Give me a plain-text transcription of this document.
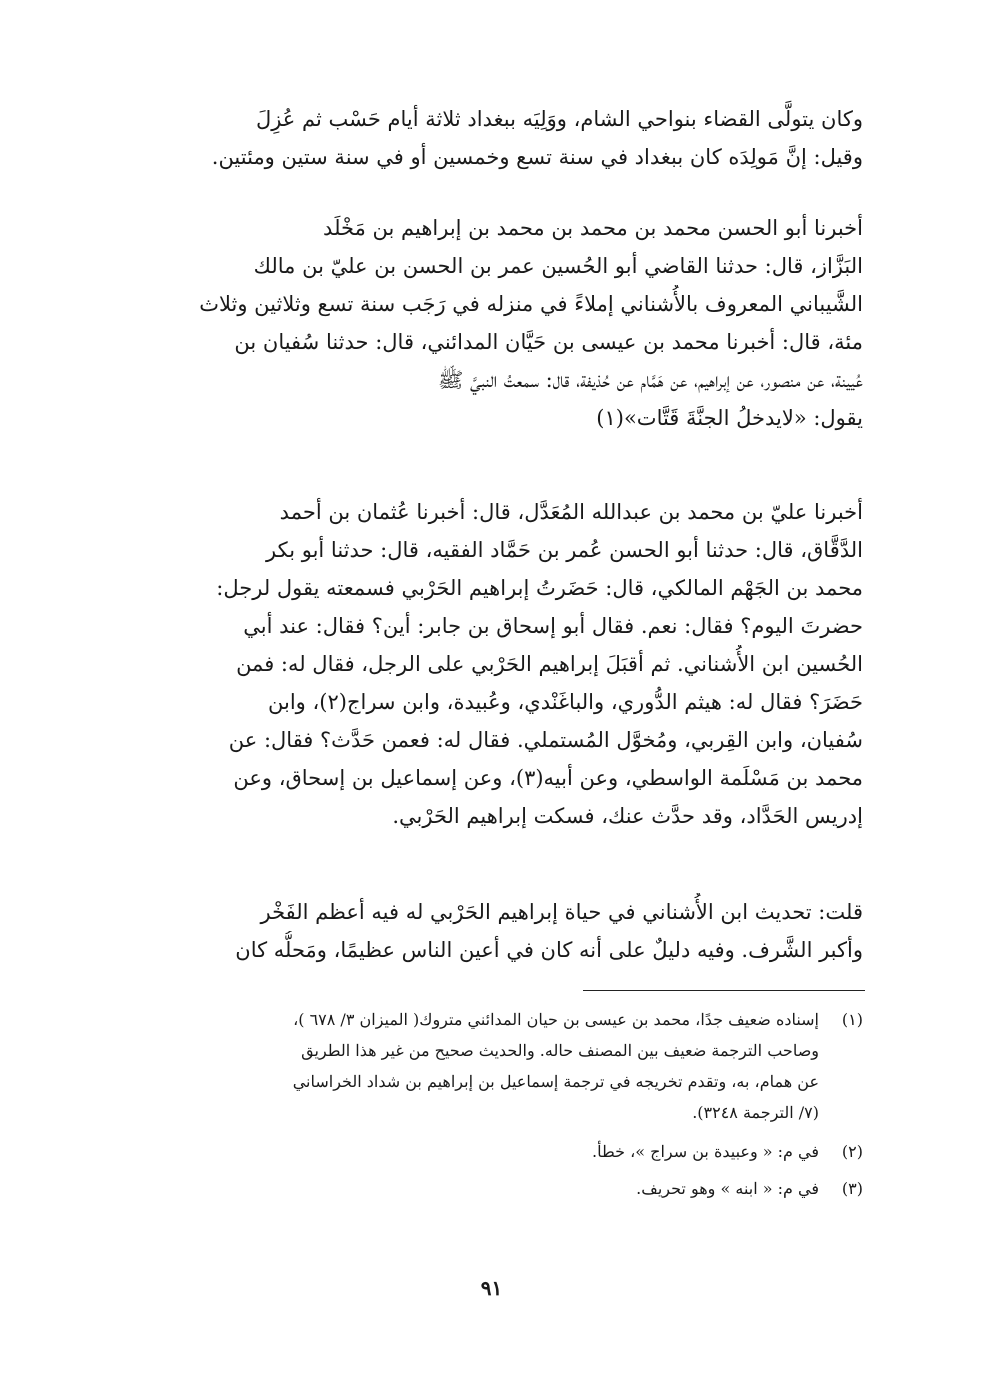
وكان يتولَّى القضاء بنواحي الشام، ووَلِيَه ببغداد ثلاثة أيام حَسْب ثم عُزِلَ
وقيل: إنَّ مَولِدَه كان ببغداد في سنة تسع وخمسين أو في سنة ستين ومئتين.
أخبرنا أبو الحسن محمد بن محمد بن محمد بن إبراهيم بن مَخْلَد
البَزَّاز، قال: حدثنا القاضي أبو الحُسين عمر بن الحسن بن عليّ بن مالك
الشَّيباني المعروف بالأُشناني إملاءً في منزله في رَجَب سنة تسع وثلاثين وثلاث
مئة، قال: أخبرنا محمد بن عيسى بن حَيَّان المدائني، قال: حدثنا سُفيان بن
عُيينة، عن منصور، عن إبراهيم، عن هَمَّام عن حُذيفة، قال: سمعتُ النبيَّ ﷺ
يقول: «لايدخلُ الجنَّةَ قَتَّات»(١)
أخبرنا عليّ بن محمد بن عبدالله المُعَدَّل، قال: أخبرنا عُثمان بن أحمد
الدَّقَّاق، قال: حدثنا أبو الحسن عُمر بن حَمَّاد الفقيه، قال: حدثنا أبو بكر
محمد بن الجَهْم المالكي، قال: حَضَرتُ إبراهيم الحَرْبي فسمعته يقول لرجل:
حضرتَ اليوم؟ فقال: نعم. فقال أبو إسحاق بن جابر: أين؟ فقال: عند أبي
الحُسين ابن الأُشناني. ثم أقبَلَ إبراهيم الحَرْبي على الرجل، فقال له: فمن
حَضَرَ؟ فقال له: هيثم الدُّوري، والباغَنْدي، وعُبيدة، وابن سراج(٢)، وابن
سُفيان، وابن القِربي، ومُخوَّل المُستملي. فقال له: فعمن حَدَّث؟ فقال: عن
محمد بن مَسْلَمة الواسطي، وعن أبيه(٣)، وعن إسماعيل بن إسحاق، وعن
إدريس الحَدَّاد، وقد حدَّث عنك، فسكت إبراهيم الحَرْبي.
قلت: تحديث ابن الأُشناني في حياة إبراهيم الحَرْبي له فيه أعظم الفَخْر
وأكبر الشَّرف. وفيه دليلٌ على أنه كان في أعين الناس عظيمًا، ومَحلُّه كان
(١)
إسناده ضعيف جدًا، محمد بن عيسى بن حيان المدائني متروك( الميزان ٣/ ٦٧٨ )،
وصاحب الترجمة ضعيف بين المصنف حاله. والحديث صحيح من غير هذا الطريق
عن همام، به، وتقدم تخريجه في ترجمة إسماعيل بن إبراهيم بن شداد الخراساني
(٧/ الترجمة ٣٢٤٨).
(٢)
في م: « وعبيدة بن سراج »، خطأ.
(٣)
في م: « ابنه » وهو تحريف.
٩١
